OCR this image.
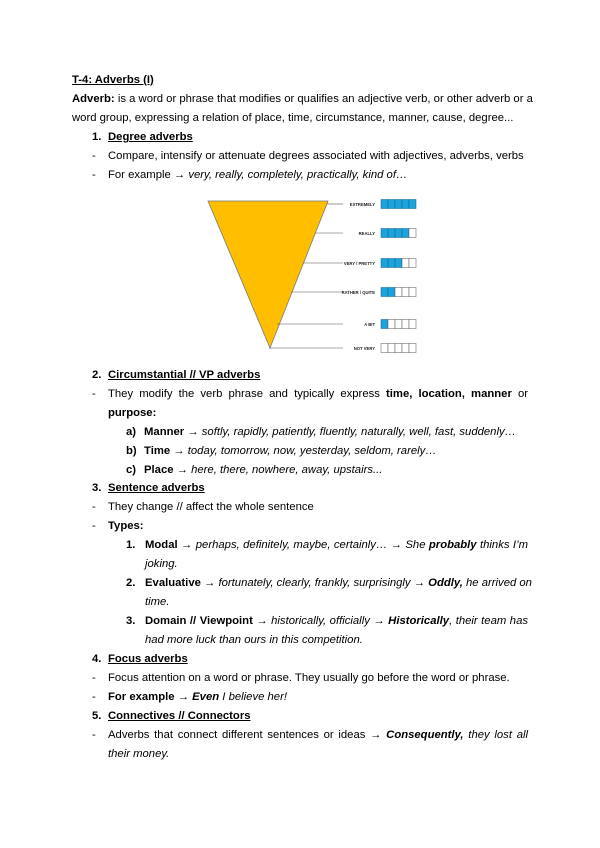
T-4: Adverbs (I)
Adverb: is a word or phrase that modifies or qualifies an adjective verb, or other adverb or a
word group, expressing a relation of place, time, circumstance, manner, cause, degree...
1. Degree adverbs
- Compare, intensify or attenuate degrees associated with adjectives, adverbs, verbs
- For example → very, really, completely, practically, kind of…
EXTREMELY
REALLY
VERY / PRETTY
RATHER / QUITE
A BIT
NOT VERY
2. Circumstantial // VP adverbs
- They modify the verb phrase and typically express time, location, manner or
purpose:
a) Manner → softly, rapidly, patiently, fluently, naturally, well, fast, suddenly…
b) Time → today, tomorrow, now, yesterday, seldom, rarely…
c) Place → here, there, nowhere, away, upstairs...
3. Sentence adverbs
- They change // affect the whole sentence
- Types:
1. Modal → perhaps, definitely, maybe, certainly… → She probably thinks I’m
joking.
2. Evaluative → fortunately, clearly, frankly, surprisingly → Oddly, he arrived on
time.
3. Domain // Viewpoint → historically, officially → Historically, their team has
had more luck than ours in this competition.
4. Focus adverbs
- Focus attention on a word or phrase. They usually go before the word or phrase.
- For example → Even I believe her!
5. Connectives // Connectors
- Adverbs that connect different sentences or ideas → Consequently, they lost all
their money.
